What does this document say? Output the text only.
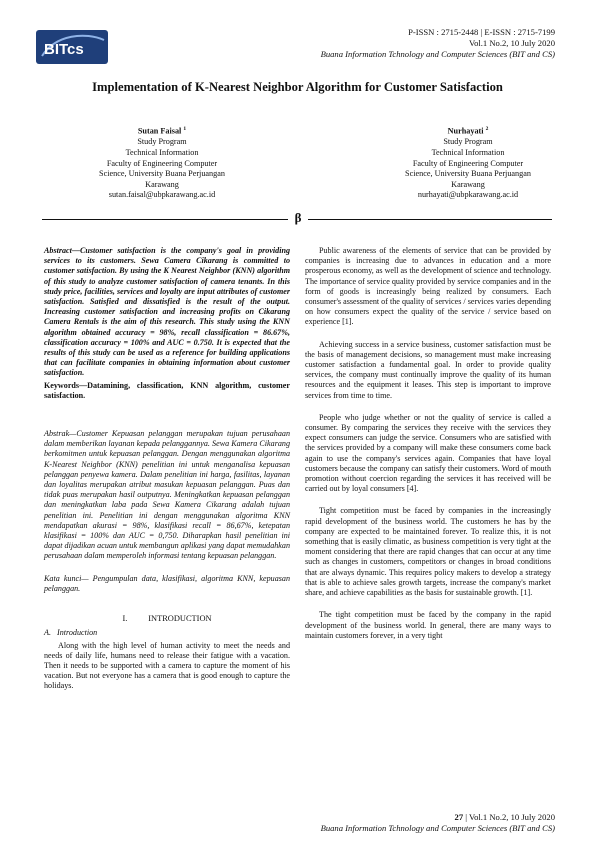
BITcs
P-ISSN : 2715-2448 | E-ISSN : 2715-7199
Vol.1 No.2, 10 July 2020
Buana Information Tchnology and Computer Sciences (BIT and CS)
Implementation of K-Nearest Neighbor Algorithm for Customer Satisfaction
Sutan Faisal $^1$
Study Program
Technical Information
Faculty of Engineering Computer
Science, University Buana Perjuangan
Karawang
sutan.faisal@ubpkarawang.ac.id
Nurhayati $^2$
Study Program
Technical Information
Faculty of Engineering Computer
Science, University Buana Perjuangan
Karawang
nurhayati@ubpkarawang.ac.id
β

Abstract—Customer satisfaction is the company's goal in providing services to its customers. Sewa Camera Cikarang is committed to customer satisfaction. By using the K Nearest Neighbor (KNN) algorithm of this study to analyze customer satisfaction of camera tenants. In this study price, facilities, services and loyalty are input attributes of customer satisfaction. Satisfied and dissatisfied is the result of the output. Increasing customer satisfaction and increasing profits on Cikarang Camera Rentals is the aim of this research. This study using the KNN algorithm obtained accuracy = 98%, recall classification = 86.67%, classification accuracy = 100% and AUC = 0.750. It is expected that the results of this study can be used as a reference for building applications that can facilitate companies in obtaining information about customer satisfaction.

Keywords—Datamining, classification, KNN algorithm, customer satisfaction.

Abstrak—Customer Kepuasan pelanggan merupakan tujuan perusahaan dalam memberikan layanan kepada pelanggannya. Sewa Kamera Cikarang berkomitmen untuk kepuasan pelanggan. Dengan menggunakan algoritma K-Nearest Neighbor (KNN) penelitian ini untuk menganalisa kepuasan pelanggan penyewa kamera. Dalam penelitian ini harga, fasilitas, layanan dan loyalitas merupakan atribut masukan kepuasan pelanggan. Puas dan tidak puas merupakan hasil outputnya. Meningkatkan kepuasan pelanggan dan meningkatkan laba pada Sewa Kamera Cikarang adalah tujuan penelitian ini. Penelitian ini dengan menggunakan algoritma KNN mendapatkan akurasi = 98%, klasifikasi recall = 86,67%, ketepatan klasifikasi = 100% dan AUC = 0,750. Diharapkan hasil penelitian ini dapat dijadikan acuan untuk membangun aplikasi yang dapat memudahkan perusahaan dalam memperoleh informasi tentang kepuasan pelanggan.

Kata kunci— Pengumpulan data, klasifikasi, algoritma KNN, kepuasan pelanggan.

I.          INTRODUCTION
A.   Introduction

Along with the high level of human activity to meet the needs and needs of daily life, humans need to release their fatigue with a vacation. Then it needs to be supported with a camera to capture the moment of his vacation. But not everyone has a camera that is good enough to capture the holidays.

Public awareness of the elements of service that can be provided by companies is increasing due to advances in education and a more prosperous economy, as well as the development of science and technology. The importance of service quality provided by service companies and in the form of goods is increasingly being realized by consumers. Each consumer's assessment of the quality of services / services varies depending on how consumers expect the quality of the service / service based on experience [1].

Achieving success in a service business, customer satisfaction must be the basis of management decisions, so management must make increasing customer satisfaction a fundamental goal. In order to provide quality services, the company must continually improve the quality of its human resources and the equipment it leases. This step is important to improve services from time to time.

People who judge whether or not the quality of service is called a consumer. By comparing the services they receive with the services they expect consumers can judge the service. Consumers who are satisfied with the services provided by a company will make these consumers come back again to use the company's services again. Companies that have loyal customers because the company can satisfy their customers. Word of mouth promotion without coercion regarding the services it has received will be carried out by loyal consumers [4].

Tight competition must be faced by companies in the increasingly rapid development of the business world. The customers he has by the company are expected to be maintained forever. To realize this, it is not something that is easily climatic, as business competition is very tight at the moment considering that there are rapid changes that can occur at any time such as changes in customers, competitors or changes in broad conditions that are always dynamic. This requires policy makers to develop a strategy that is able to achieve sales growth targets, increase the company's market share, and achieve capabilities as the basis for sustainable growth. [1].

The tight competition must be faced by the company in the rapid development of the business world. In general, there are many ways to maintain customers forever, in a very tight

27 | Vol.1 No.2, 10 July 2020
Buana Information Tchnology and Computer Sciences (BIT and CS)
